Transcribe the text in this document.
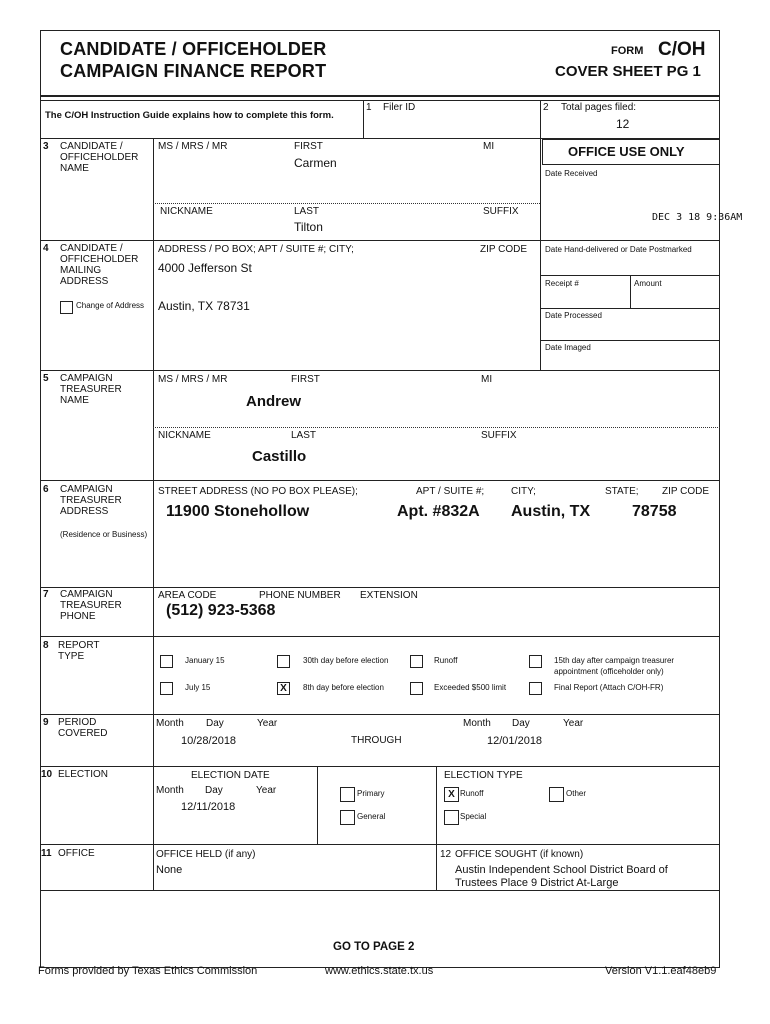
CANDIDATE / OFFICEHOLDER
CAMPAIGN FINANCE REPORT
FORM C/OH
COVER SHEET PG 1
The C/OH Instruction Guide explains how to complete this form.
1 Filer ID	2 Total pages filed:
12
3 CANDIDATE /
OFFICEHOLDER
NAME
MS / MRS / MR	FIRST
Carmen
MI
NICKNAME	LAST
Tilton
SUFFIX
OFFICE USE ONLY
Date Received
DEC 3 18 9:36AM
Date Hand-delivered or Date Postmarked
Receipt #	Amount
Date Processed
Date Imaged
4 CANDIDATE /
OFFICEHOLDER
MAILING
ADDRESS
Change of Address
ADDRESS / PO BOX; APT / SUITE #; CITY;	ZIP CODE
4000 Jefferson St
Austin, TX 78731
5 CAMPAIGN
TREASURER
NAME
MS / MRS / MR	FIRST
Andrew
MI
NICKNAME	LAST
Castillo
SUFFIX
6 CAMPAIGN
TREASURER
ADDRESS
(Residence or Business)
STREET ADDRESS (NO PO BOX PLEASE);	APT / SUITE #;	CITY;	STATE; ZIP CODE
11900 Stonehollow	Apt. #832A Austin, TX	78758
7 CAMPAIGN
TREASURER
PHONE
AREA CODE	PHONE NUMBER EXTENSION
(512) 923-5368
8 REPORT
TYPE	January 15	30th day before election	Runoff	15th day after campaign treasurer
appointment (officeholder only)
July 15	X	8th day before election	Exceeded $500 limit	Final Report (Attach C/OH-FR)
9 PERIOD
COVERED
Month Day	Year
10/28/2018	THROUGH
Month Day	Year
12/01/2018
10 ELECTION	ELECTION DATE
Month Day	Year
12/11/2018
Primary
General
ELECTION TYPE
X Runoff
Special
Other
11 OFFICE	OFFICE HELD (if any)
None
12 OFFICE SOUGHT (if known)
Austin Independent School District Board of
Trustees Place 9 District At-Large
GO TO PAGE 2
Forms provided by Texas Ethics Commission	www.ethics.state.tx.us	Version V1.1.eaf48eb9
